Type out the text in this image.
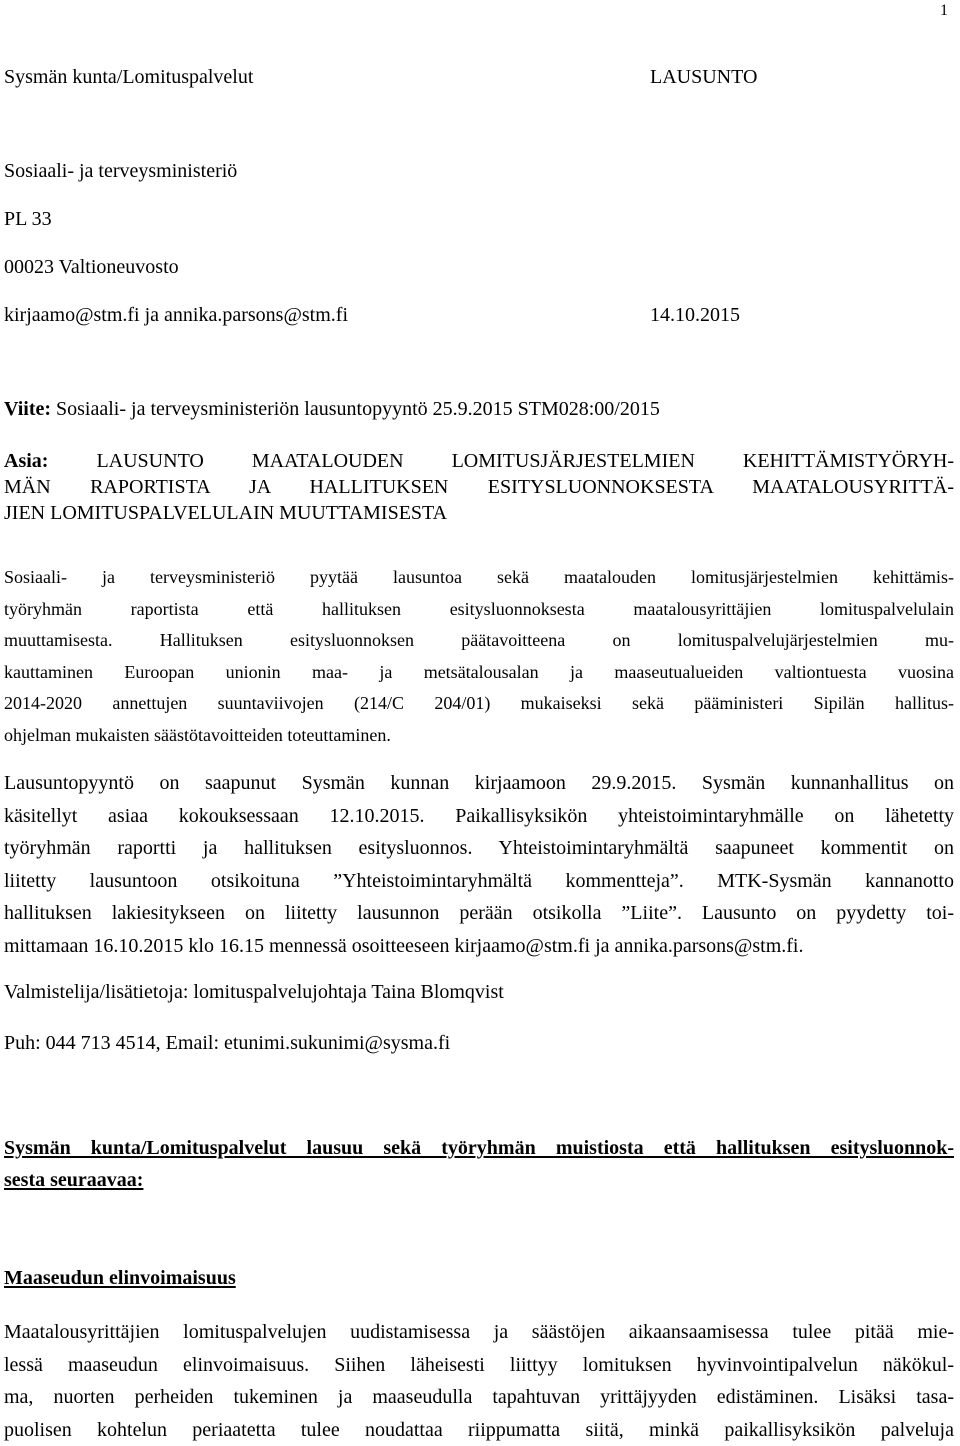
1
Sysmän kunta/Lomituspalvelut	LAUSUNTO
Sosiaali- ja terveysministeriö
PL 33
00023 Valtioneuvosto
kirjaamo@stm.fi ja annika.parsons@stm.fi	14.10.2015
Viite: Sosiaali- ja terveysministeriön lausuntopyyntö 25.9.2015 STM028:00/2015
Asia: LAUSUNTO MAATALOUDEN LOMITUSJÄRJESTELMIEN KEHITTÄMISTYÖRYH-
MÄN RAPORTISTA JA HALLITUKSEN ESITYSLUONNOKSESTA MAATALOUSYRITTÄ-
JIEN LOMITUSPALVELULAIN MUUTTAMISESTA
Sosiaali- ja terveysministeriö pyytää lausuntoa sekä maatalouden lomitusjärjestelmien kehittämis-
työryhmän raportista että hallituksen esitysluonnoksesta maatalousyrittäjien lomituspalvelulain
muuttamisesta. Hallituksen esitysluonnoksen päätavoitteena on lomituspalvelujärjestelmien mu-
kauttaminen Euroopan unionin maa- ja metsätalousalan ja maaseutualueiden valtiontuesta vuosina
2014-2020 annettujen suuntaviivojen (214/C 204/01) mukaiseksi sekä pääministeri Sipilän hallitus-
ohjelman mukaisten säästötavoitteiden toteuttaminen.
Lausuntopyyntö on saapunut Sysmän kunnan kirjaamoon 29.9.2015. Sysmän kunnanhallitus on
käsitellyt asiaa kokouksessaan 12.10.2015. Paikallisyksikön yhteistoimintaryhmälle on lähetetty
työryhmän raportti ja hallituksen esitysluonnos. Yhteistoimintaryhmältä saapuneet kommentit on
liitetty lausuntoon otsikoituna ”Yhteistoimintaryhmältä kommentteja”. MTK-Sysmän kannanotto
hallituksen lakiesitykseen on liitetty lausunnon perään otsikolla ”Liite”. Lausunto on pyydetty toi-
mittamaan 16.10.2015 klo 16.15 mennessä osoitteeseen kirjaamo@stm.fi ja annika.parsons@stm.fi.
Valmistelija/lisätietoja: lomituspalvelujohtaja Taina Blomqvist
Puh: 044 713 4514, Email: etunimi.sukunimi@sysma.fi
Sysmän kunta/Lomituspalvelut lausuu sekä työryhmän muistiosta että hallituksen esitysluonnok-
sesta seuraavaa:
Maaseudun elinvoimaisuus
Maatalousyrittäjien lomituspalvelujen uudistamisessa ja säästöjen aikaansaamisessa tulee pitää mie-
lessä maaseudun elinvoimaisuus. Siihen läheisesti liittyy lomituksen hyvinvointipalvelun näkökul-
ma, nuorten perheiden tukeminen ja maaseudulla tapahtuvan yrittäjyyden edistäminen. Lisäksi tasa-
puolisen kohtelun periaatetta tulee noudattaa riippumatta siitä, minkä paikallisyksikön palveluja
